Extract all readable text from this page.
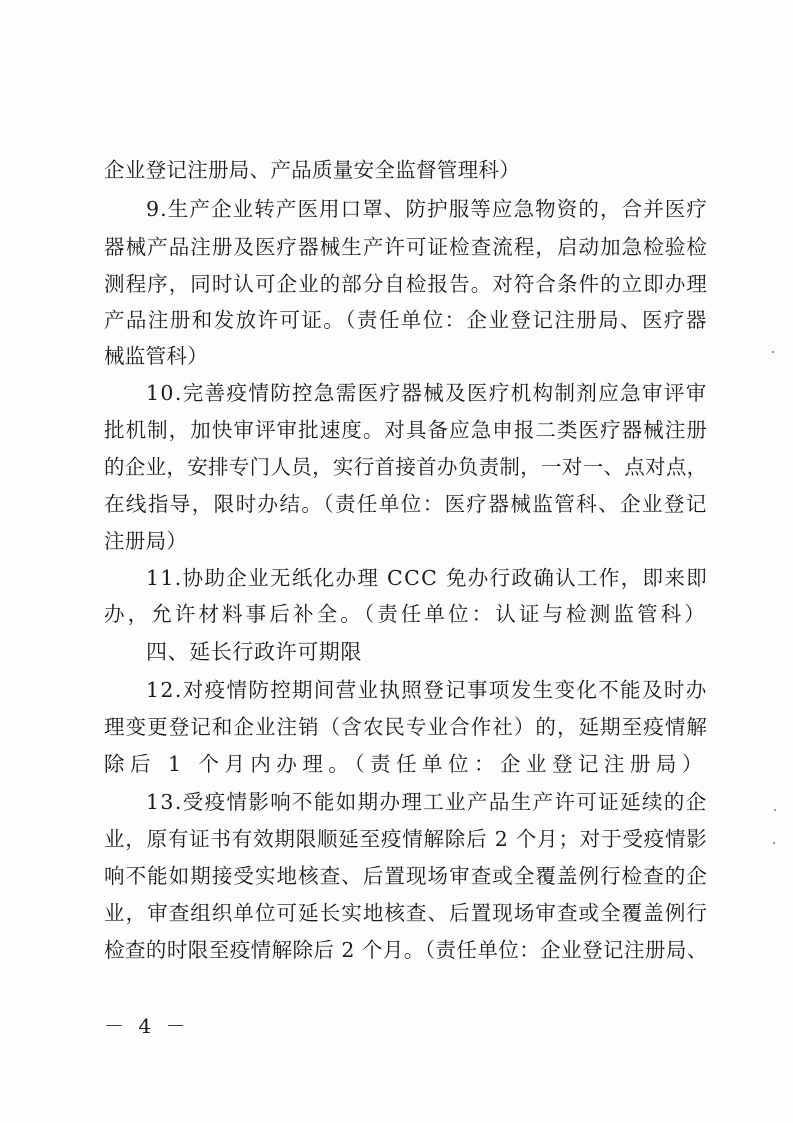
企业登记注册局、产品质量安全监督管理科）
9.生产企业转产医用口罩、防护服等应急物资的，合并医疗
器械产品注册及医疗器械生产许可证检查流程，启动加急检验检
测程序，同时认可企业的部分自检报告。对符合条件的立即办理
产品注册和发放许可证。（责任单位：企业登记注册局、医疗器
械监管科）
10.完善疫情防控急需医疗器械及医疗机构制剂应急审评审
批机制，加快审评审批速度。对具备应急申报二类医疗器械注册
的企业，安排专门人员，实行首接首办负责制，一对一、点对点，
在线指导，限时办结。（责任单位：医疗器械监管科、企业登记
注册局）
11.协助企业无纸化办理 CCC 免办行政确认工作，即来即
办，允许材料事后补全。（责任单位：认证与检测监管科）
四、延长行政许可期限
12.对疫情防控期间营业执照登记事项发生变化不能及时办
理变更登记和企业注销（含农民专业合作社）的，延期至疫情解
除后 1 个月内办理。（责任单位：企业登记注册局）
13.受疫情影响不能如期办理工业产品生产许可证延续的企
业，原有证书有效期限顺延至疫情解除后 2 个月；对于受疫情影
响不能如期接受实地核查、后置现场审查或全覆盖例行检查的企
业，审查组织单位可延长实地核查、后置现场审查或全覆盖例行
检查的时限至疫情解除后 2 个月。（责任单位：企业登记注册局、
－ 4 －
